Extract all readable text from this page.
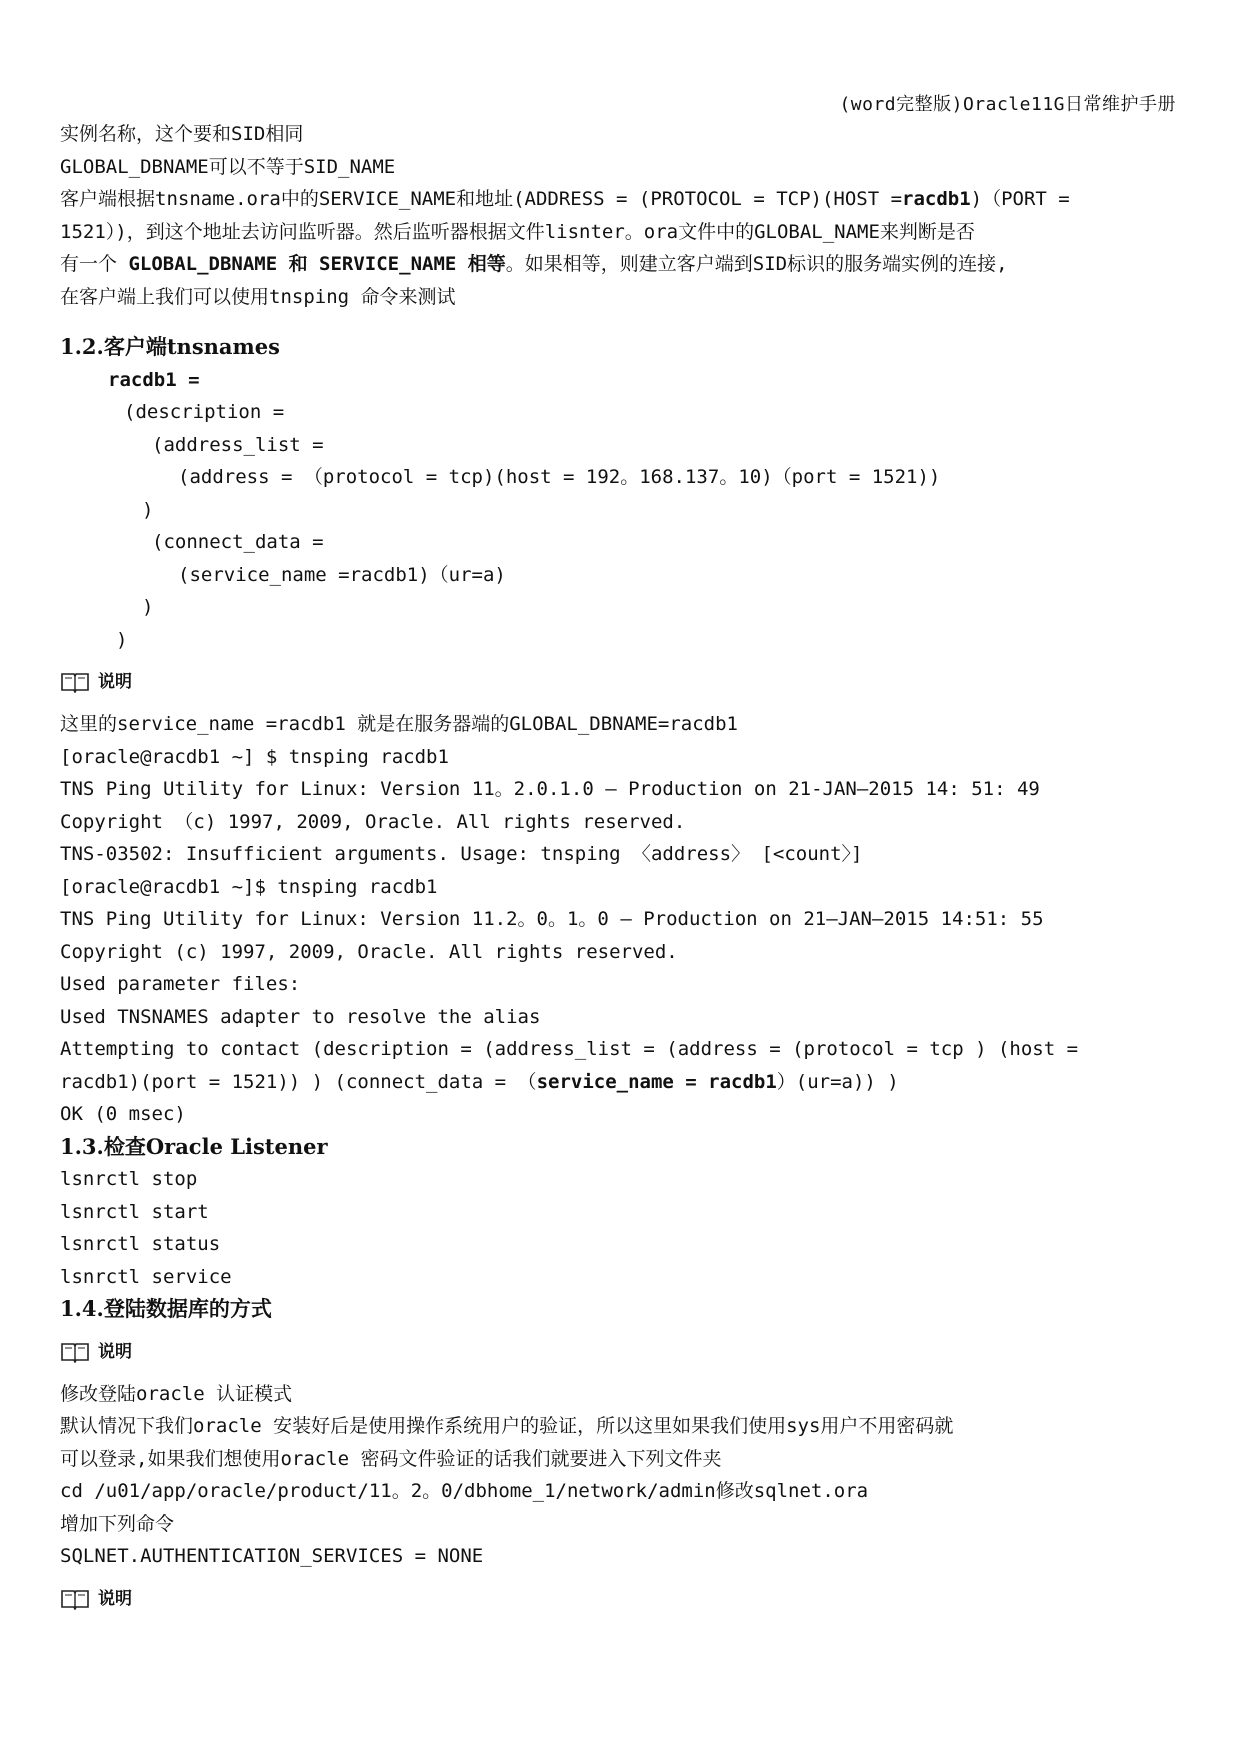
(word完整版)Oracle11G日常维护手册
实例名称，这个要和SID相同
GLOBAL_DBNAME可以不等于SID_NAME
客户端根据tnsname.ora中的SERVICE_NAME和地址(ADDRESS = (PROTOCOL = TCP)(HOST =racdb1)（PORT =
1521）)，到这个地址去访问监听器。然后监听器根据文件lisnter。ora文件中的GLOBAL_NAME来判断是否
有一个 GLOBAL_DBNAME 和 SERVICE_NAME 相等。如果相等，则建立客户端到SID标识的服务端实例的连接,
在客户端上我们可以使用tnsping 命令来测试
1.2.客户端tnsnames
racdb1 =
(description =
(address_list =
(address = （protocol = tcp)(host = 192。168.137。10)（port = 1521))
)
(connect_data =
(service_name =racdb1)（ur=a)
)
)
说明
这里的service_name =racdb1 就是在服务器端的GLOBAL_DBNAME=racdb1
[oracle@racdb1 ~] $ tnsping racdb1
TNS Ping Utility for Linux: Version 11。2.0.1.0 — Production on 21-JAN—2015 14: 51: 49
Copyright （c) 1997, 2009, Oracle. All rights reserved.
TNS-03502: Insufficient arguments. Usage: tnsping 〈address〉 [<count〉]
[oracle@racdb1 ~]$ tnsping racdb1
TNS Ping Utility for Linux: Version 11.2。0。1。0 — Production on 21—JAN—2015 14:51: 55
Copyright (c) 1997, 2009, Oracle. All rights reserved.
Used parameter files:
Used TNSNAMES adapter to resolve the alias
Attempting to contact (description = (address_list = (address = (protocol = tcp ) (host =
racdb1)(port = 1521)) ) (connect_data = （service_name = racdb1）(ur=a)) )
OK (0 msec)
1.3.检查Oracle Listener
lsnrctl stop
lsnrctl start
lsnrctl status
lsnrctl service
1.4.登陆数据库的方式
说明
修改登陆oracle 认证模式
默认情况下我们oracle 安装好后是使用操作系统用户的验证，所以这里如果我们使用sys用户不用密码就
可以登录,如果我们想使用oracle 密码文件验证的话我们就要进入下列文件夹
cd /u01/app/oracle/product/11。2。0/dbhome_1/network/admin修改sqlnet.ora
增加下列命令
SQLNET.AUTHENTICATION_SERVICES = NONE
说明
